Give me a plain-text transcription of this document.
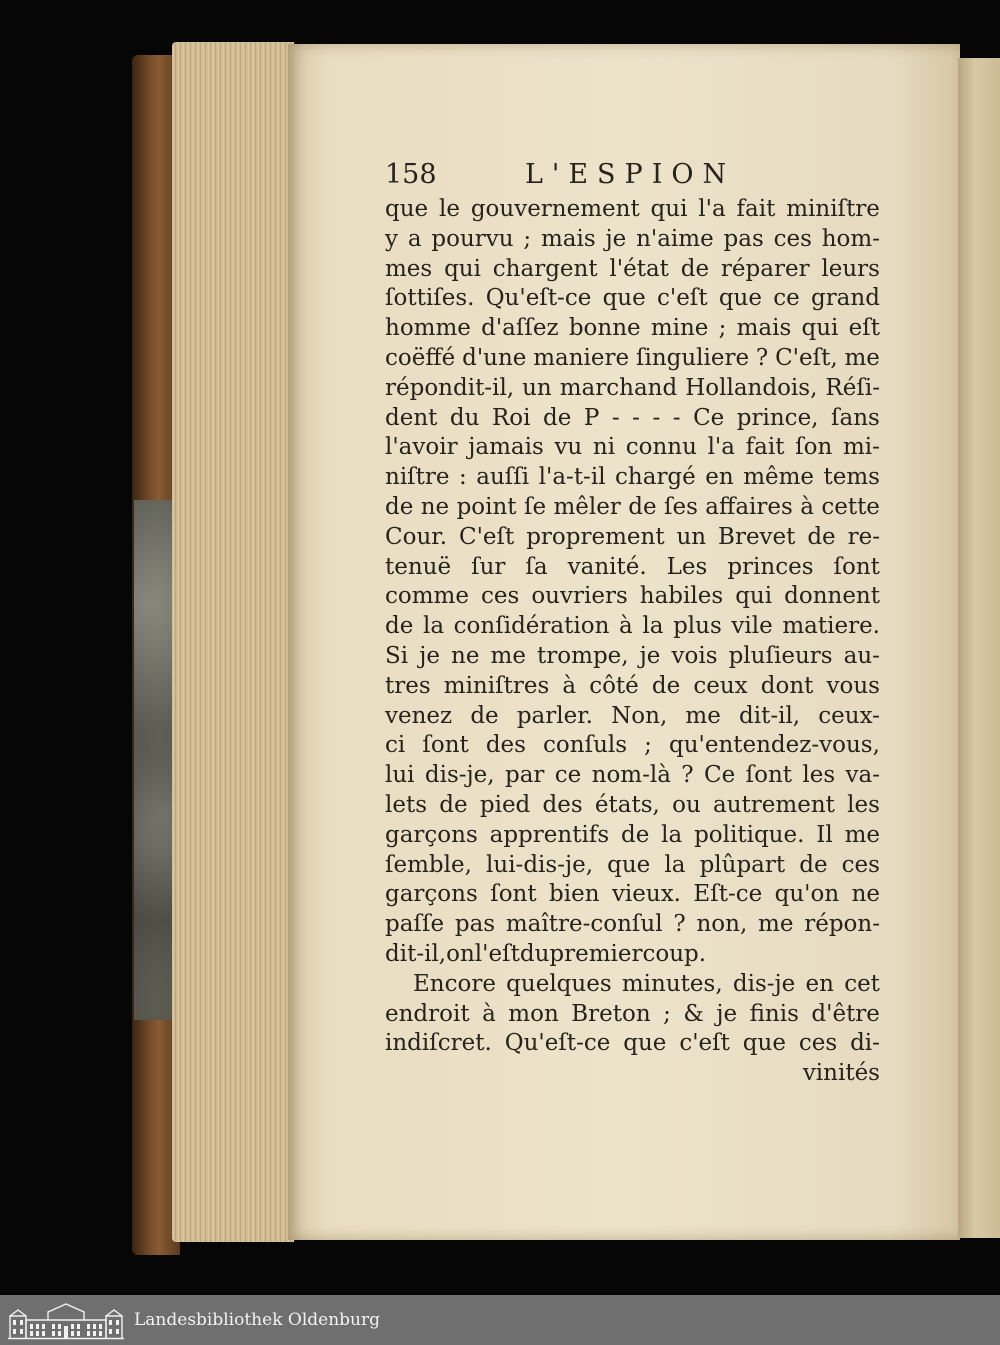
158	L'ESPION
que le gouvernement qui l'a fait miniſtre
y a pourvu ; mais je n'aime pas ces hom-
mes qui chargent l'état de réparer leurs
ſottiſes. Qu'eſt-ce que c'eſt que ce grand
homme d'aſſez bonne mine ; mais qui eſt
coëffé d'une maniere ſinguliere ? C'eſt, me
répondit-il, un marchand Hollandois, Réſi-
dent du Roi de P - - - - Ce prince, ſans
l'avoir jamais vu ni connu l'a fait ſon mi-
niſtre : auſſi l'a-t-il chargé en même tems
de ne point ſe mêler de ſes affaires à cette
Cour. C'eſt proprement un Brevet de re-
tenuë ſur ſa vanité. Les princes ſont
comme ces ouvriers habiles qui donnent
de la conſidération à la plus vile matiere.
Si je ne me trompe, je vois pluſieurs au-
tres miniſtres à côté de ceux dont vous
venez de parler. Non, me dit-il, ceux-
ci ſont des conſuls ; qu'entendez-vous,
lui dis-je, par ce nom-là ? Ce ſont les va-
lets de pied des états, ou autrement les
garçons apprentifs de la politique. Il me
ſemble, lui-dis-je, que la plûpart de ces
garçons ſont bien vieux. Eſt-ce qu'on ne
paſſe pas maître-conſul ? non, me répon-
dit-il, on l'eſt du premier coup.
Encore quelques minutes, dis-je en cet
endroit à mon Breton ; & je finis d'être
indiſcret. Qu'eſt-ce que c'eſt que ces di-
vinités
Landesbibliothek Oldenburg
